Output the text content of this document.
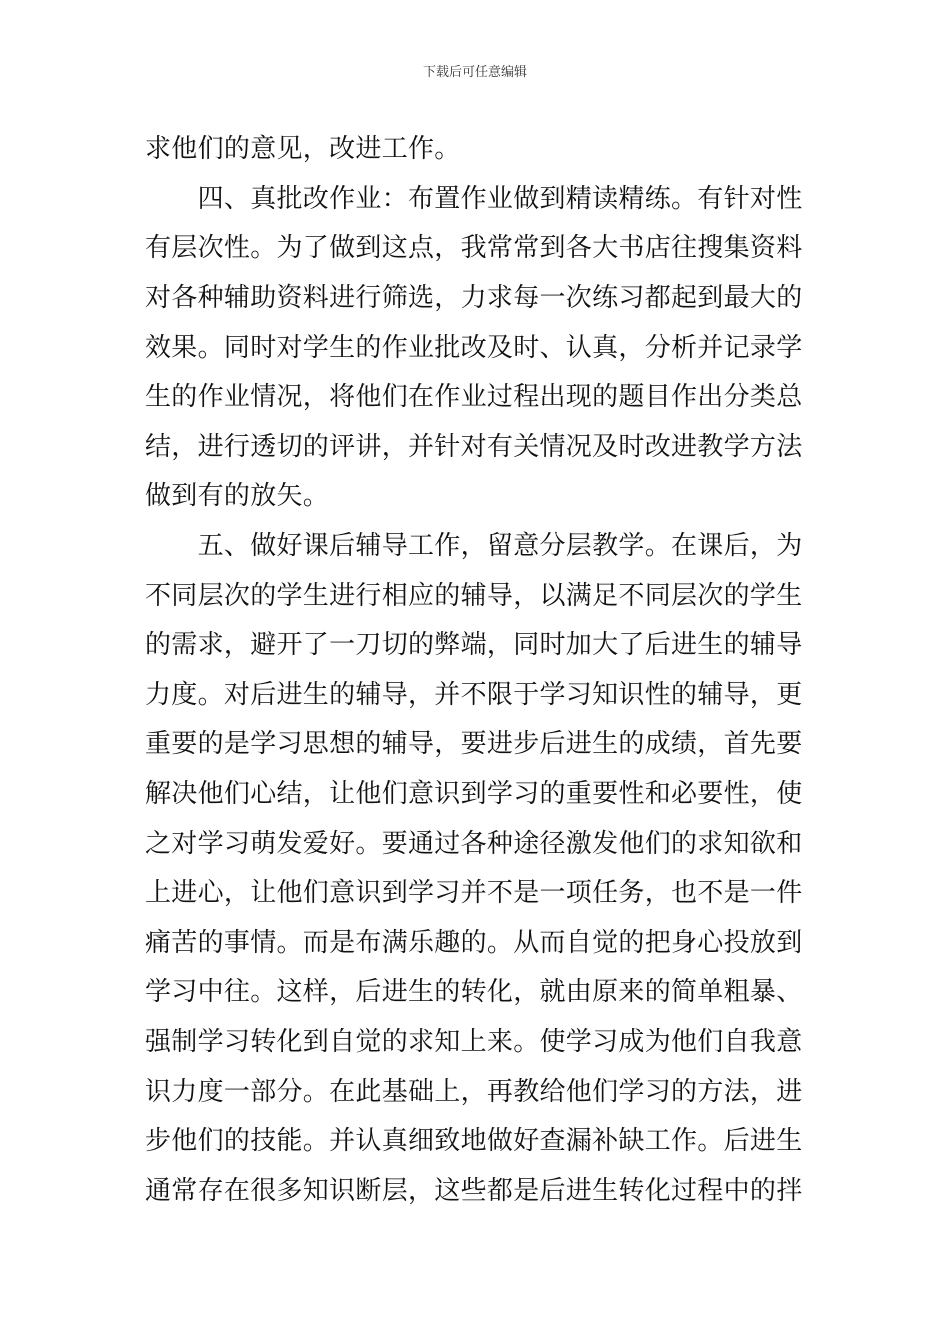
下载后可任意编辑
求他们的意见，改进工作。
　　四、真批改作业：布置作业做到精读精练。有针对性
有层次性。为了做到这点，我常常到各大书店往搜集资料
对各种辅助资料进行筛选，力求每一次练习都起到最大的
效果。同时对学生的作业批改及时、认真，分析并记录学
生的作业情况，将他们在作业过程出现的题目作出分类总
结，进行透切的评讲，并针对有关情况及时改进教学方法
做到有的放矢。
　　五、做好课后辅导工作，留意分层教学。在课后，为
不同层次的学生进行相应的辅导，以满足不同层次的学生
的需求，避开了一刀切的弊端，同时加大了后进生的辅导
力度。对后进生的辅导，并不限于学习知识性的辅导，更
重要的是学习思想的辅导，要进步后进生的成绩，首先要
解决他们心结，让他们意识到学习的重要性和必要性，使
之对学习萌发爱好。要通过各种途径激发他们的求知欲和
上进心，让他们意识到学习并不是一项任务，也不是一件
痛苦的事情。而是布满乐趣的。从而自觉的把身心投放到
学习中往。这样，后进生的转化，就由原来的简单粗暴、
强制学习转化到自觉的求知上来。使学习成为他们自我意
识力度一部分。在此基础上，再教给他们学习的方法，进
步他们的技能。并认真细致地做好查漏补缺工作。后进生
通常存在很多知识断层，这些都是后进生转化过程中的拌
